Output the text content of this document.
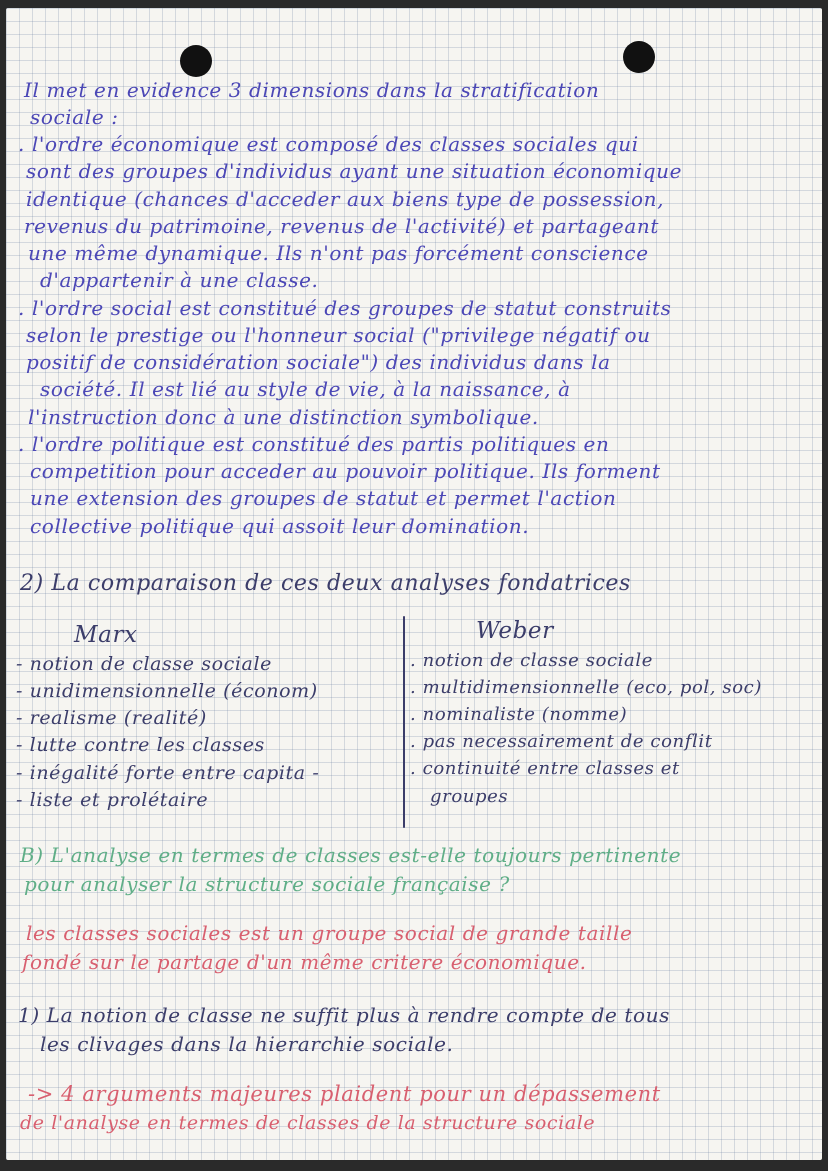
Il met en evidence 3 dimensions dans la stratification
sociale :
. l'ordre économique est composé des classes sociales qui
sont des groupes d'individus ayant une situation économique
identique (chances d'acceder aux biens type de possession,
revenus du patrimoine, revenus de l'activité) et partageant
une même dynamique. Ils n'ont pas forcément conscience
d'appartenir à une classe.
. l'ordre social est constitué des groupes de statut construits
selon le prestige ou l'honneur social ("privilege négatif ou
positif de considération sociale") des individus dans la
société. Il est lié au style de vie, à la naissance, à
l'instruction donc à une distinction symbolique.
. l'ordre politique est constitué des partis politiques en
competition pour acceder au pouvoir politique. Ils forment
une extension des groupes de statut et permet l'action
collective politique qui assoit leur domination.
2) La comparaison de ces deux analyses fondatrices
Marx
- notion de classe sociale
- unidimensionnelle (économ)
- realisme (realité)
- lutte contre les classes
- inégalité forte entre capita -
- liste et prolétaire
Weber
. notion de classe sociale
. multidimensionnelle (eco, pol, soc)
. nominaliste (nomme)
. pas necessairement de conflit
. continuité entre classes et
groupes
B) L'analyse en termes de classes est-elle toujours pertinente
pour analyser la structure sociale française ?
les classes sociales est un groupe social de grande taille
fondé sur le partage d'un même critere économique.
1) La notion de classe ne suffit plus à rendre compte de tous
les clivages dans la hierarchie sociale.
-> 4 arguments majeures plaident pour un dépassement
de l'analyse en termes de classes de la structure sociale
